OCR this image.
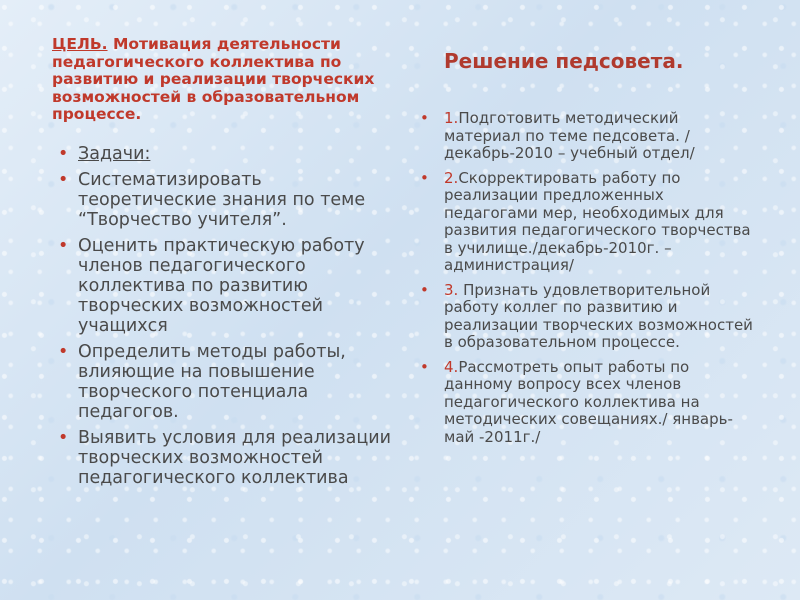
ЦЕЛЬ. Мотивация деятельности педагогического коллектива по развитию и реализации творческих возможностей в образовательном процессе.

• Задачи:
• Систематизировать теоретические знания по теме “Творчество учителя”.
• Оценить практическую работу членов педагогического коллектива по развитию творческих возможностей учащихся
• Определить методы работы, влияющие на повышение творческого потенциала педагогов.
• Выявить условия для реализации творческих возможностей педагогического коллектива
Решение педсовета.
• 1.Подготовить методический материал по теме педсовета. /декабрь-2010 – учебный отдел/
• 2.Скорректировать работу по реализации предложенных педагогами мер, необходимых для развития педагогического творчества в училище./декабрь-2010г. – администрация/
• 3. Признать удовлетворительной работу коллег по развитию и реализации творческих возможностей в образовательном процессе.
• 4.Рассмотреть опыт работы по данному вопросу всех членов педагогического коллектива на методических совещаниях./ январь-май -2011г./
